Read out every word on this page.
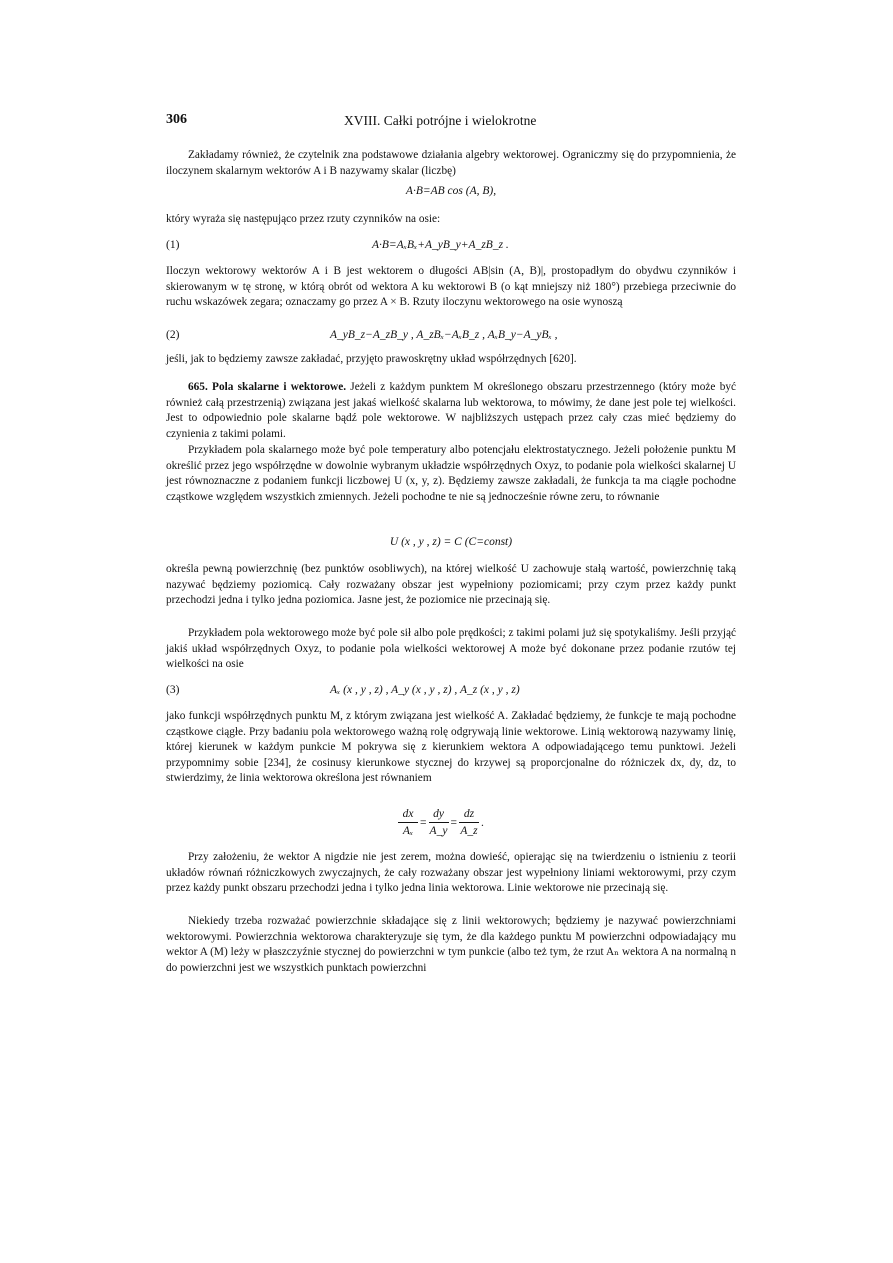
306	XVIII. Całki potrójne i wielokrotne

Zakładamy również, że czytelnik zna podstawowe działania algebry wektorowej. Ograniczmy się do przypomnienia, że iloczynem skalarnym wektorów A i B nazywamy skalar (liczbę)

A·B=AB cos (A, B),

który wyraża się następująco przez rzuty czynników na osie:

(1)	A·B=AₓBₓ+A_yB_y+A_zB_z .

Iloczyn wektorowy wektorów A i B jest wektorem o długości AB|sin (A, B)|, prostopadłym do obydwu czynników i skierowanym w tę stronę, w którą obrót od wektora A ku wektorowi B (o kąt mniejszy niż 180°) przebiega przeciwnie do ruchu wskazówek zegara; oznaczamy go przez A × B. Rzuty iloczynu wektorowego na osie wynoszą

(2)	A_yB_z−A_zB_y , A_zBₓ−AₓB_z , AₓB_y−A_yBₓ ,

jeśli, jak to będziemy zawsze zakładać, przyjęto prawoskrętny układ współrzędnych [620].

665. Pola skalarne i wektorowe. Jeżeli z każdym punktem M określonego obszaru przestrzennego (który może być również całą przestrzenią) związana jest jakaś wielkość skalarna lub wektorowa, to mówimy, że dane jest pole tej wielkości. Jest to odpowiednio pole skalarne bądź pole wektorowe. W najbliższych ustępach przez cały czas mieć będziemy do czynienia z takimi polami.

Przykładem pola skalarnego może być pole temperatury albo potencjału elektrostatycznego. Jeżeli położenie punktu M określić przez jego współrzędne w dowolnie wybranym układzie współrzędnych Oxyz, to podanie pola wielkości skalarnej U jest równoznaczne z podaniem funkcji liczbowej U (x, y, z). Będziemy zawsze zakładali, że funkcja ta ma ciągłe pochodne cząstkowe względem wszystkich zmiennych. Jeżeli pochodne te nie są jednocześnie równe zeru, to równanie

U (x , y , z) = C (C=const)

określa pewną powierzchnię (bez punktów osobliwych), na której wielkość U zachowuje stałą wartość, powierzchnię taką nazywać będziemy poziomicą. Cały rozważany obszar jest wypełniony poziomicami; przy czym przez każdy punkt przechodzi jedna i tylko jedna poziomica. Jasne jest, że poziomice nie przecinają się.

Przykładem pola wektorowego może być pole sił albo pole prędkości; z takimi polami już się spotykaliśmy. Jeśli przyjąć jakiś układ współrzędnych Oxyz, to podanie pola wielkości wektorowej A może być dokonane przez podanie rzutów tej wielkości na osie

(3)	Aₓ (x , y , z) , A_y (x , y , z) , A_z (x , y , z)

jako funkcji współrzędnych punktu M, z którym związana jest wielkość A. Zakładać będziemy, że funkcje te mają pochodne cząstkowe ciągłe. Przy badaniu pola wektorowego ważną rolę odgrywają linie wektorowe. Linią wektorową nazywamy linię, której kierunek w każdym punkcie M pokrywa się z kierunkiem wektora A odpowiadającego temu punktowi. Jeżeli przypomnimy sobie [234], że cosinusy kierunkowe stycznej do krzywej są proporcjonalne do różniczek dx, dy, dz, to stwierdzimy, że linia wektorowa określona jest równaniem

$\frac{dx}{\text{Aₓ}} = \frac{dy}{A\_y} = \frac{dz}{A\_z}$ .

Przy założeniu, że wektor A nigdzie nie jest zerem, można dowieść, opierając się na twierdzeniu o istnieniu z teorii układów równań różniczkowych zwyczajnych, że cały rozważany obszar jest wypełniony liniami wektorowymi, przy czym przez każdy punkt obszaru przechodzi jedna i tylko jedna linia wektorowa. Linie wektorowe nie przecinają się.

Niekiedy trzeba rozważać powierzchnie składające się z linii wektorowych; będziemy je nazywać powierzchniami wektorowymi. Powierzchnia wektorowa charakteryzuje się tym, że dla każdego punktu M powierzchni odpowiadający mu wektor A (M) leży w płaszczyźnie stycznej do powierzchni w tym punkcie (albo też tym, że rzut Aₙ wektora A na normalną n do powierzchni jest we wszystkich punktach powierzchni
